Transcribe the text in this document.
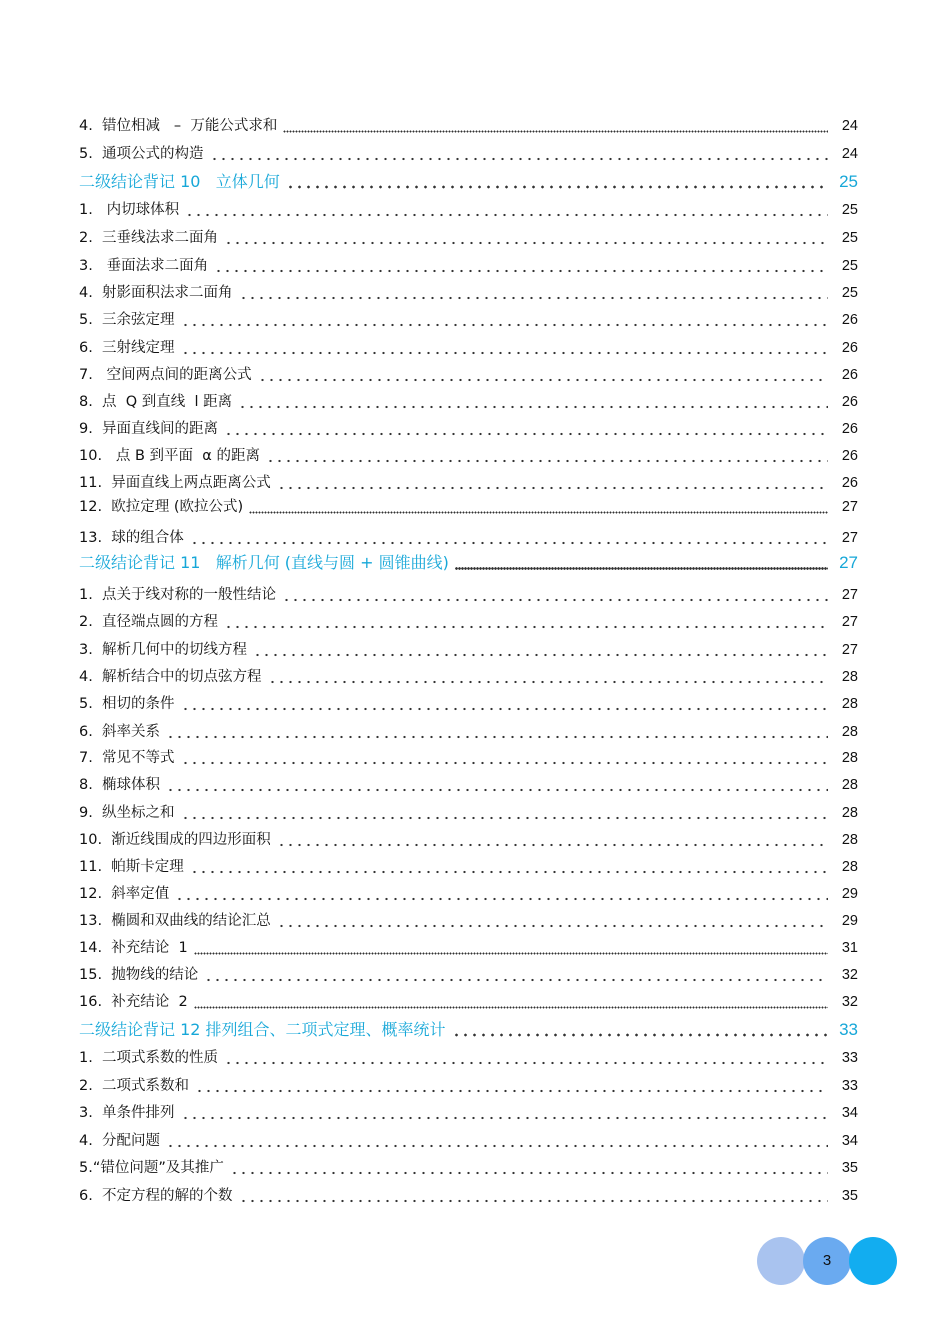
4.  错位相减   –  万能公式求和	24
5.  通项公式的构造	24
二级结论背记 10   立体几何	25
1.   内切球体积	25
2.  三垂线法求二面角	25
3.   垂面法求二面角	25
4.  射影面积法求二面角	25
5.  三余弦定理	26
6.  三射线定理	26
7.   空间两点间的距离公式	26
8.  点  Q 到直线  l 距离	26
9.  异面直线间的距离	26
10.   点 B 到平面  α 的距离	26
11.  异面直线上两点距离公式	26
12.  欧拉定理 (欧拉公式)	27
13.  球的组合体	27
二级结论背记 11   解析几何 (直线与圆 + 圆锥曲线)	27
1.  点关于线对称的一般性结论	27
2.  直径端点圆的方程	27
3.  解析几何中的切线方程	27
4.  解析结合中的切点弦方程	28
5.  相切的条件	28
6.  斜率关系	28
7.  常见不等式	28
8.  椭球体积	28
9.  纵坐标之和	28
10.  渐近线围成的四边形面积	28
11.  帕斯卡定理	28
12.  斜率定值	29
13.  椭圆和双曲线的结论汇总	29
14.  补充结论  1	31
15.  抛物线的结论	32
16.  补充结论  2	32
二级结论背记 12 排列组合、二项式定理、概率统计	33
1.  二项式系数的性质	33
2.  二项式系数和	33
3.  单条件排列	34
4.  分配问题	34
5.“错位问题”及其推广	35
6.  不定方程的解的个数	35
3
